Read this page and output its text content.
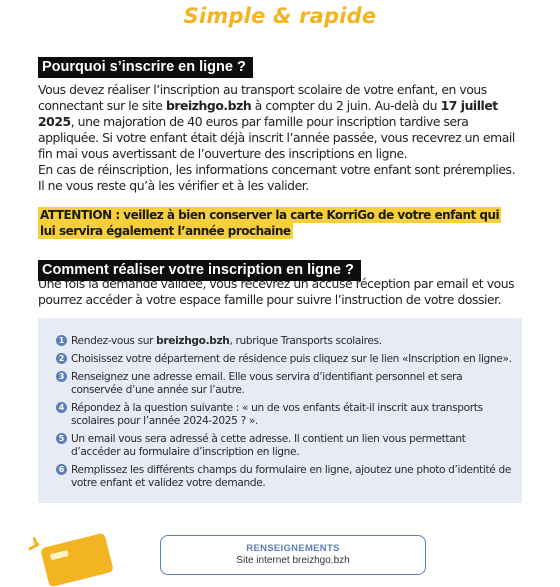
Simple & rapide
Pourquoi s’inscrire en ligne ?
Vous devez réaliser l’inscription au transport scolaire de votre enfant, en vous connectant sur le site breizhgo.bzh à compter du 2 juin. Au-delà du 17 juillet 2025, une majoration de 40 euros par famille pour inscription tardive sera appliquée. Si votre enfant était déjà inscrit l’année passée, vous recevrez un email fin mai vous avertissant de l’ouverture des inscriptions en ligne.
En cas de réinscription, les informations concernant votre enfant sont préremplies.
Il ne vous reste qu’à les vérifier et à les valider.
ATTENTION : veillez à bien conserver la carte KorriGo de votre enfant qui lui servira également l’année prochaine
Comment réaliser votre inscription en ligne ?
Une fois la demande validée, vous recevrez un accusé réception par email et vous pourrez accéder à votre espace famille pour suivre l’instruction de votre dossier.
1 Rendez-vous sur breizhgo.bzh, rubrique Transports scolaires.
2 Choisissez votre département de résidence puis cliquez sur le lien «Inscription en ligne».
3 Renseignez une adresse email. Elle vous servira d’identifiant personnel et sera conservée d’une année sur l’autre.
4 Répondez à la question suivante : « un de vos enfants était-il inscrit aux transports scolaires pour l’année 2024-2025 ? ».
5 Un email vous sera adressé à cette adresse. Il contient un lien vous permettant d’accéder au formulaire d’inscription en ligne.
6 Remplissez les différents champs du formulaire en ligne, ajoutez une photo d’identité de votre enfant et validez votre demande.
RENSEIGNEMENTS
Site internet breizhgo.bzh
